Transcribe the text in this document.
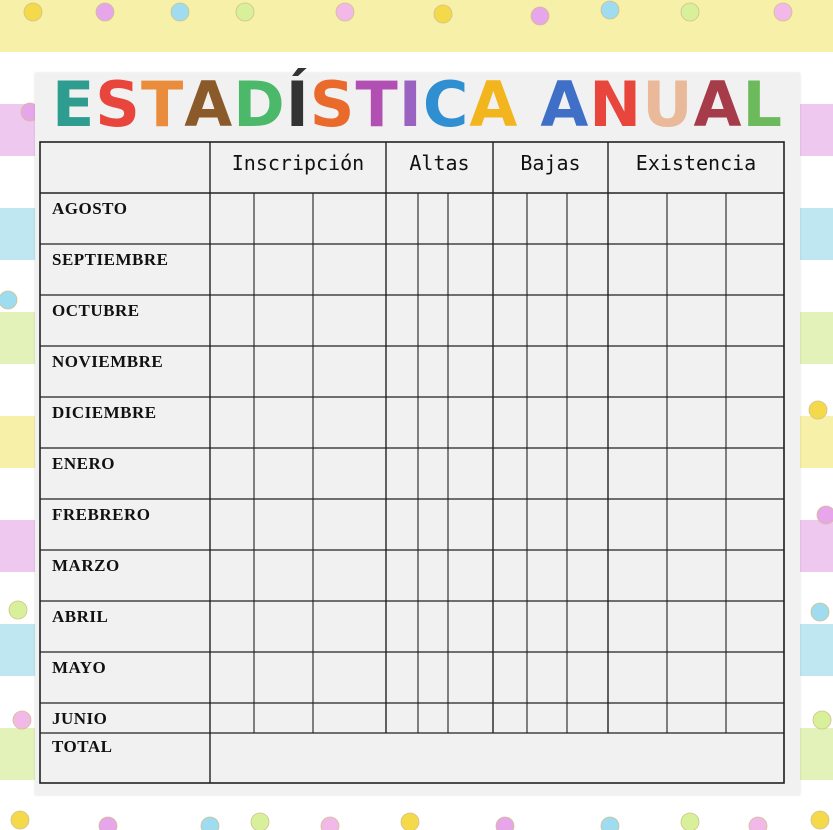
ESTADÍSTICA ANUAL
Inscripción	Altas	Bajas	Existencia
AGOSTO
SEPTIEMBRE
OCTUBRE
NOVIEMBRE
DICIEMBRE
ENERO
FREBRERO
MARZO
ABRIL
MAYO
JUNIO
TOTAL
